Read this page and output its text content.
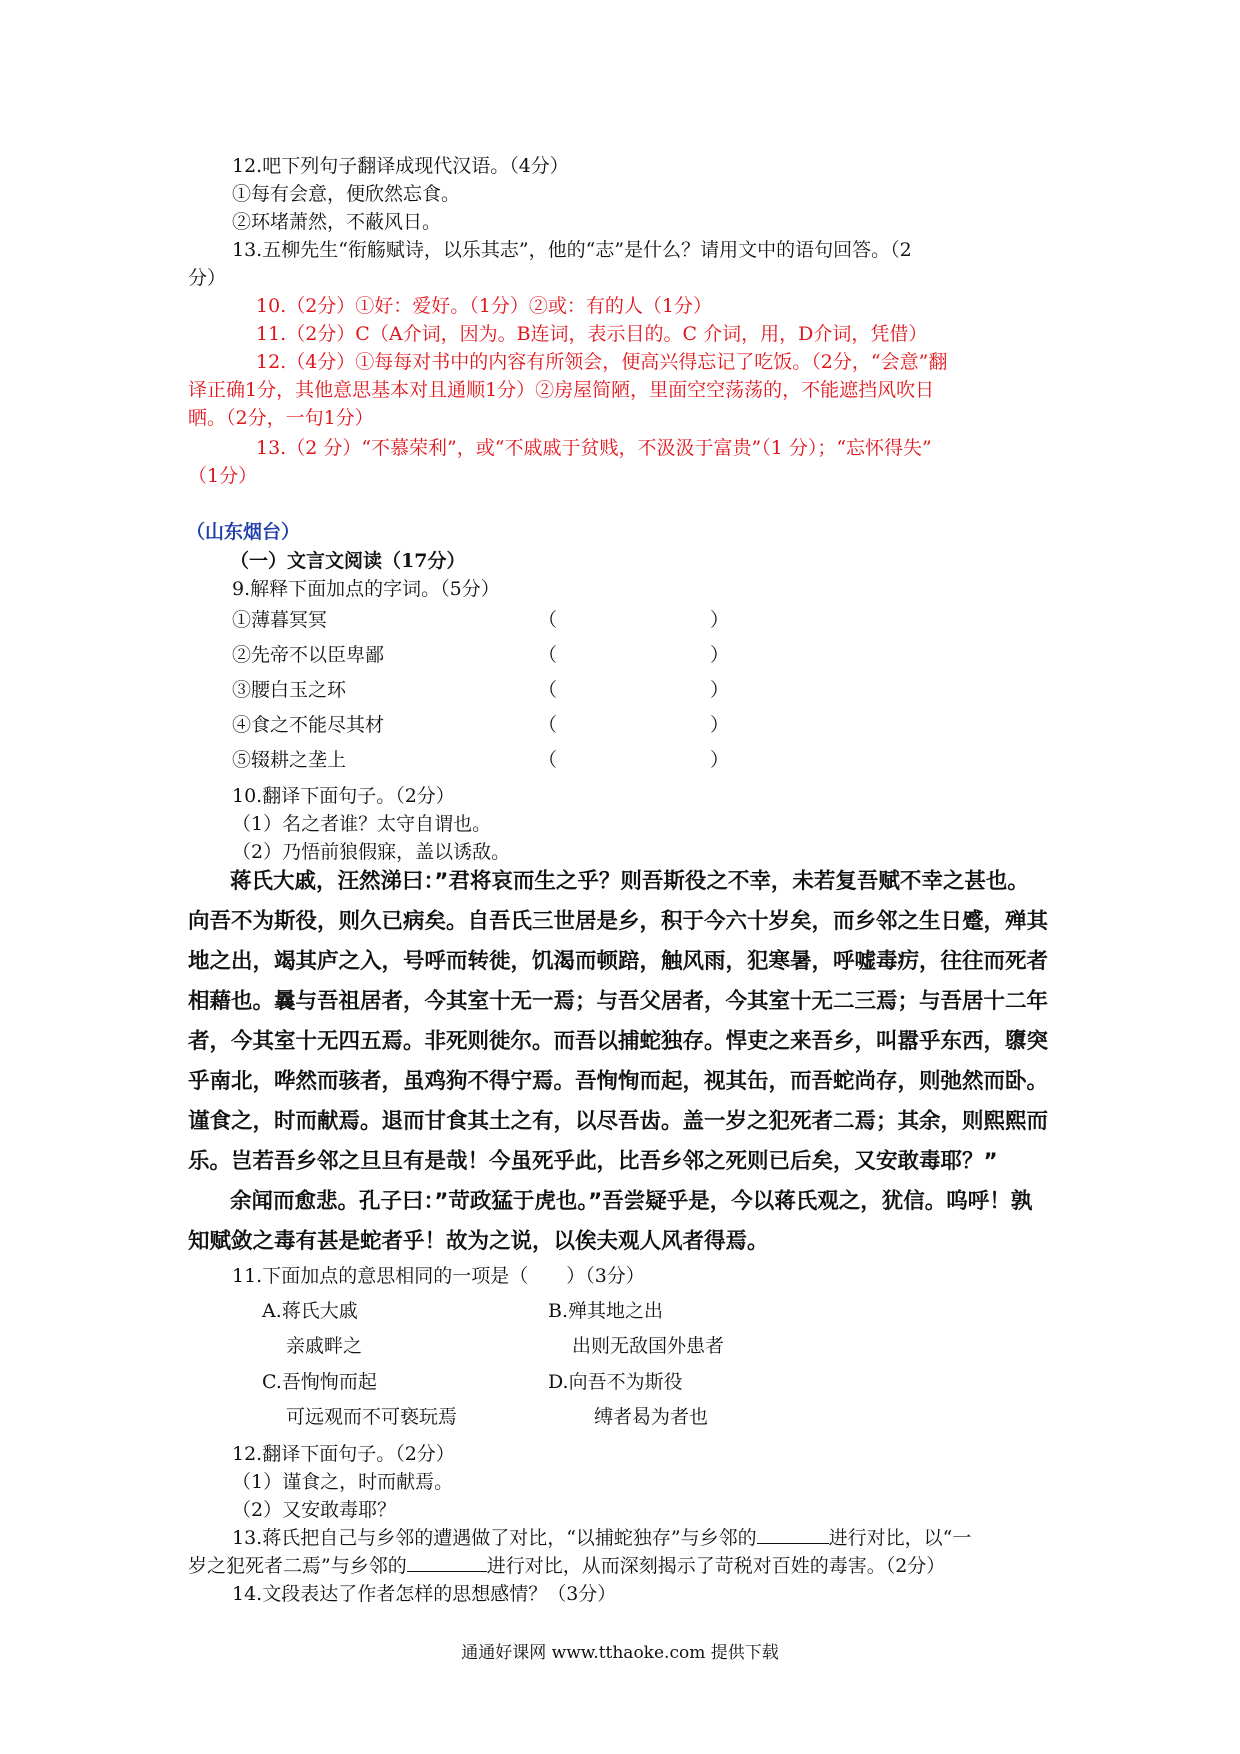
12.吧下列句子翻译成现代汉语。（4分）
①每有会意，便欣然忘食。
②环堵萧然，不蔽风日。
13.五柳先生“衔觞赋诗，以乐其志”，他的“志”是什么？请用文中的语句回答。（2
分）
10.（2分）①好：爱好。（1分）②或：有的人（1分）
11.（2分）C（A介词，因为。B连词，表示目的。C 介词，用，D介词，凭借）
12.（4分）①每每对书中的内容有所领会，便高兴得忘记了吃饭。（2分，“会意”翻
译正确1分，其他意思基本对且通顺1分）②房屋简陋，里面空空荡荡的，不能遮挡风吹日
晒。（2分，一句1分）
13.（2 分）“不慕荣利”，或“不戚戚于贫贱，不汲汲于富贵”（1 分）；“忘怀得失”
（1分）
（山东烟台）
（一）文言文阅读（17分）
9.解释下面加点的字词。（5分）
①薄暮冥冥	（	）
②先帝不以臣卑鄙	（	）
③腰白玉之环	（	）
④食之不能尽其材	（	）
⑤辍耕之垄上	（	）
10.翻译下面句子。（2分）
（1）名之者谁？太守自谓也。
（2）乃悟前狼假寐，盖以诱敌。
蒋氏大戚，汪然涕曰：”君将哀而生之乎？则吾斯役之不幸，未若复吾赋不幸之甚也。
向吾不为斯役，则久已病矣。自吾氏三世居是乡，积于今六十岁矣，而乡邻之生日蹙，殚其
地之出，竭其庐之入，号呼而转徙，饥渴而顿踣，触风雨，犯寒暑，呼嘘毒疠，往往而死者
相藉也。曩与吾祖居者，今其室十无一焉；与吾父居者，今其室十无二三焉；与吾居十二年
者，今其室十无四五焉。非死则徙尔。而吾以捕蛇独存。悍吏之来吾乡，叫嚣乎东西，隳突
乎南北，哗然而骇者，虽鸡狗不得宁焉。吾恂恂而起，视其缶，而吾蛇尚存，则弛然而卧。
谨食之，时而献焉。退而甘食其土之有，以尽吾齿。盖一岁之犯死者二焉；其余，则熙熙而
乐。岂若吾乡邻之旦旦有是哉！今虽死乎此，比吾乡邻之死则已后矣，又安敢毒耶？”
余闻而愈悲。孔子曰：”苛政猛于虎也。”吾尝疑乎是，今以蒋氏观之，犹信。呜呼！孰
知赋敛之毒有甚是蛇者乎！故为之说，以俟夫观人风者得焉。
11.下面加点的意思相同的一项是（　　）（3分）
A.蒋氏大戚	B.殚其地之出
亲戚畔之	出则无敌国外患者
C.吾恂恂而起	D.向吾不为斯役
可远观而不可亵玩焉	缚者曷为者也
12.翻译下面句子。（2分）
（1）谨食之，时而献焉。
（2）又安敢毒耶？
13.蒋氏把自己与乡邻的遭遇做了对比，“以捕蛇独存”与乡邻的	进行对比，以“一
岁之犯死者二焉”与乡邻的	进行对比，从而深刻揭示了苛税对百姓的毒害。（2分）
14.文段表达了作者怎样的思想感情？（3分）
通通好课网 www.tthaoke.com 提供下载
